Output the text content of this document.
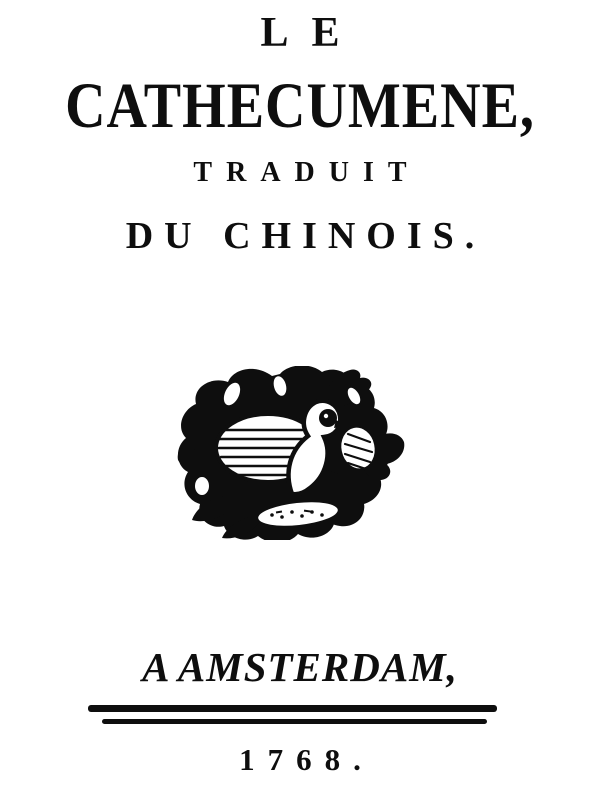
LE
CATHECUMENE,
TRADUIT
DU CHINOIS.
A AMSTERDAM,
1768.
